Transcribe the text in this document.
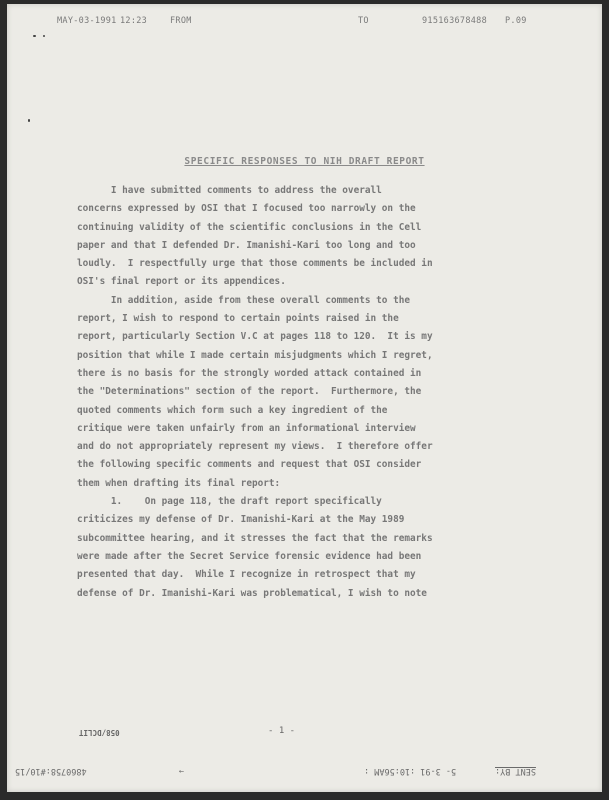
MAY-03-1991 12:23	FROM	TO	915163678488 P.09
SPECIFIC RESPONSES TO NIH DRAFT REPORT

I have submitted comments to address the overall

concerns expressed by OSI that I focused too narrowly on the

continuing validity of the scientific conclusions in the Cell

paper and that I defended Dr. Imanishi-Kari too long and too

loudly.  I respectfully urge that those comments be included in

OSI's final report or its appendices.

In addition, aside from these overall comments to the

report, I wish to respond to certain points raised in the

report, particularly Section V.C at pages 118 to 120.  It is my

position that while I made certain misjudgments which I regret,

there is no basis for the strongly worded attack contained in

the "Determinations" section of the report.  Furthermore, the

quoted comments which form such a key ingredient of the

critique were taken unfairly from an informational interview

and do not appropriately represent my views.  I therefore offer

the following specific comments and request that OSI consider

them when drafting its final report:

1.    On page 118, the draft report specifically

criticizes my defense of Dr. Imanishi-Kari at the May 1989

subcommittee hearing, and it stresses the fact that the remarks

were made after the Secret Service forensic evidence had been

presented that day.  While I recognize in retrospect that my

defense of Dr. Imanishi-Kari was problematical, I wish to note

058/DCLIT	- 1 -
4860758:#10/15	→	5- 3-91 :10:56AM :	SENT BY:
